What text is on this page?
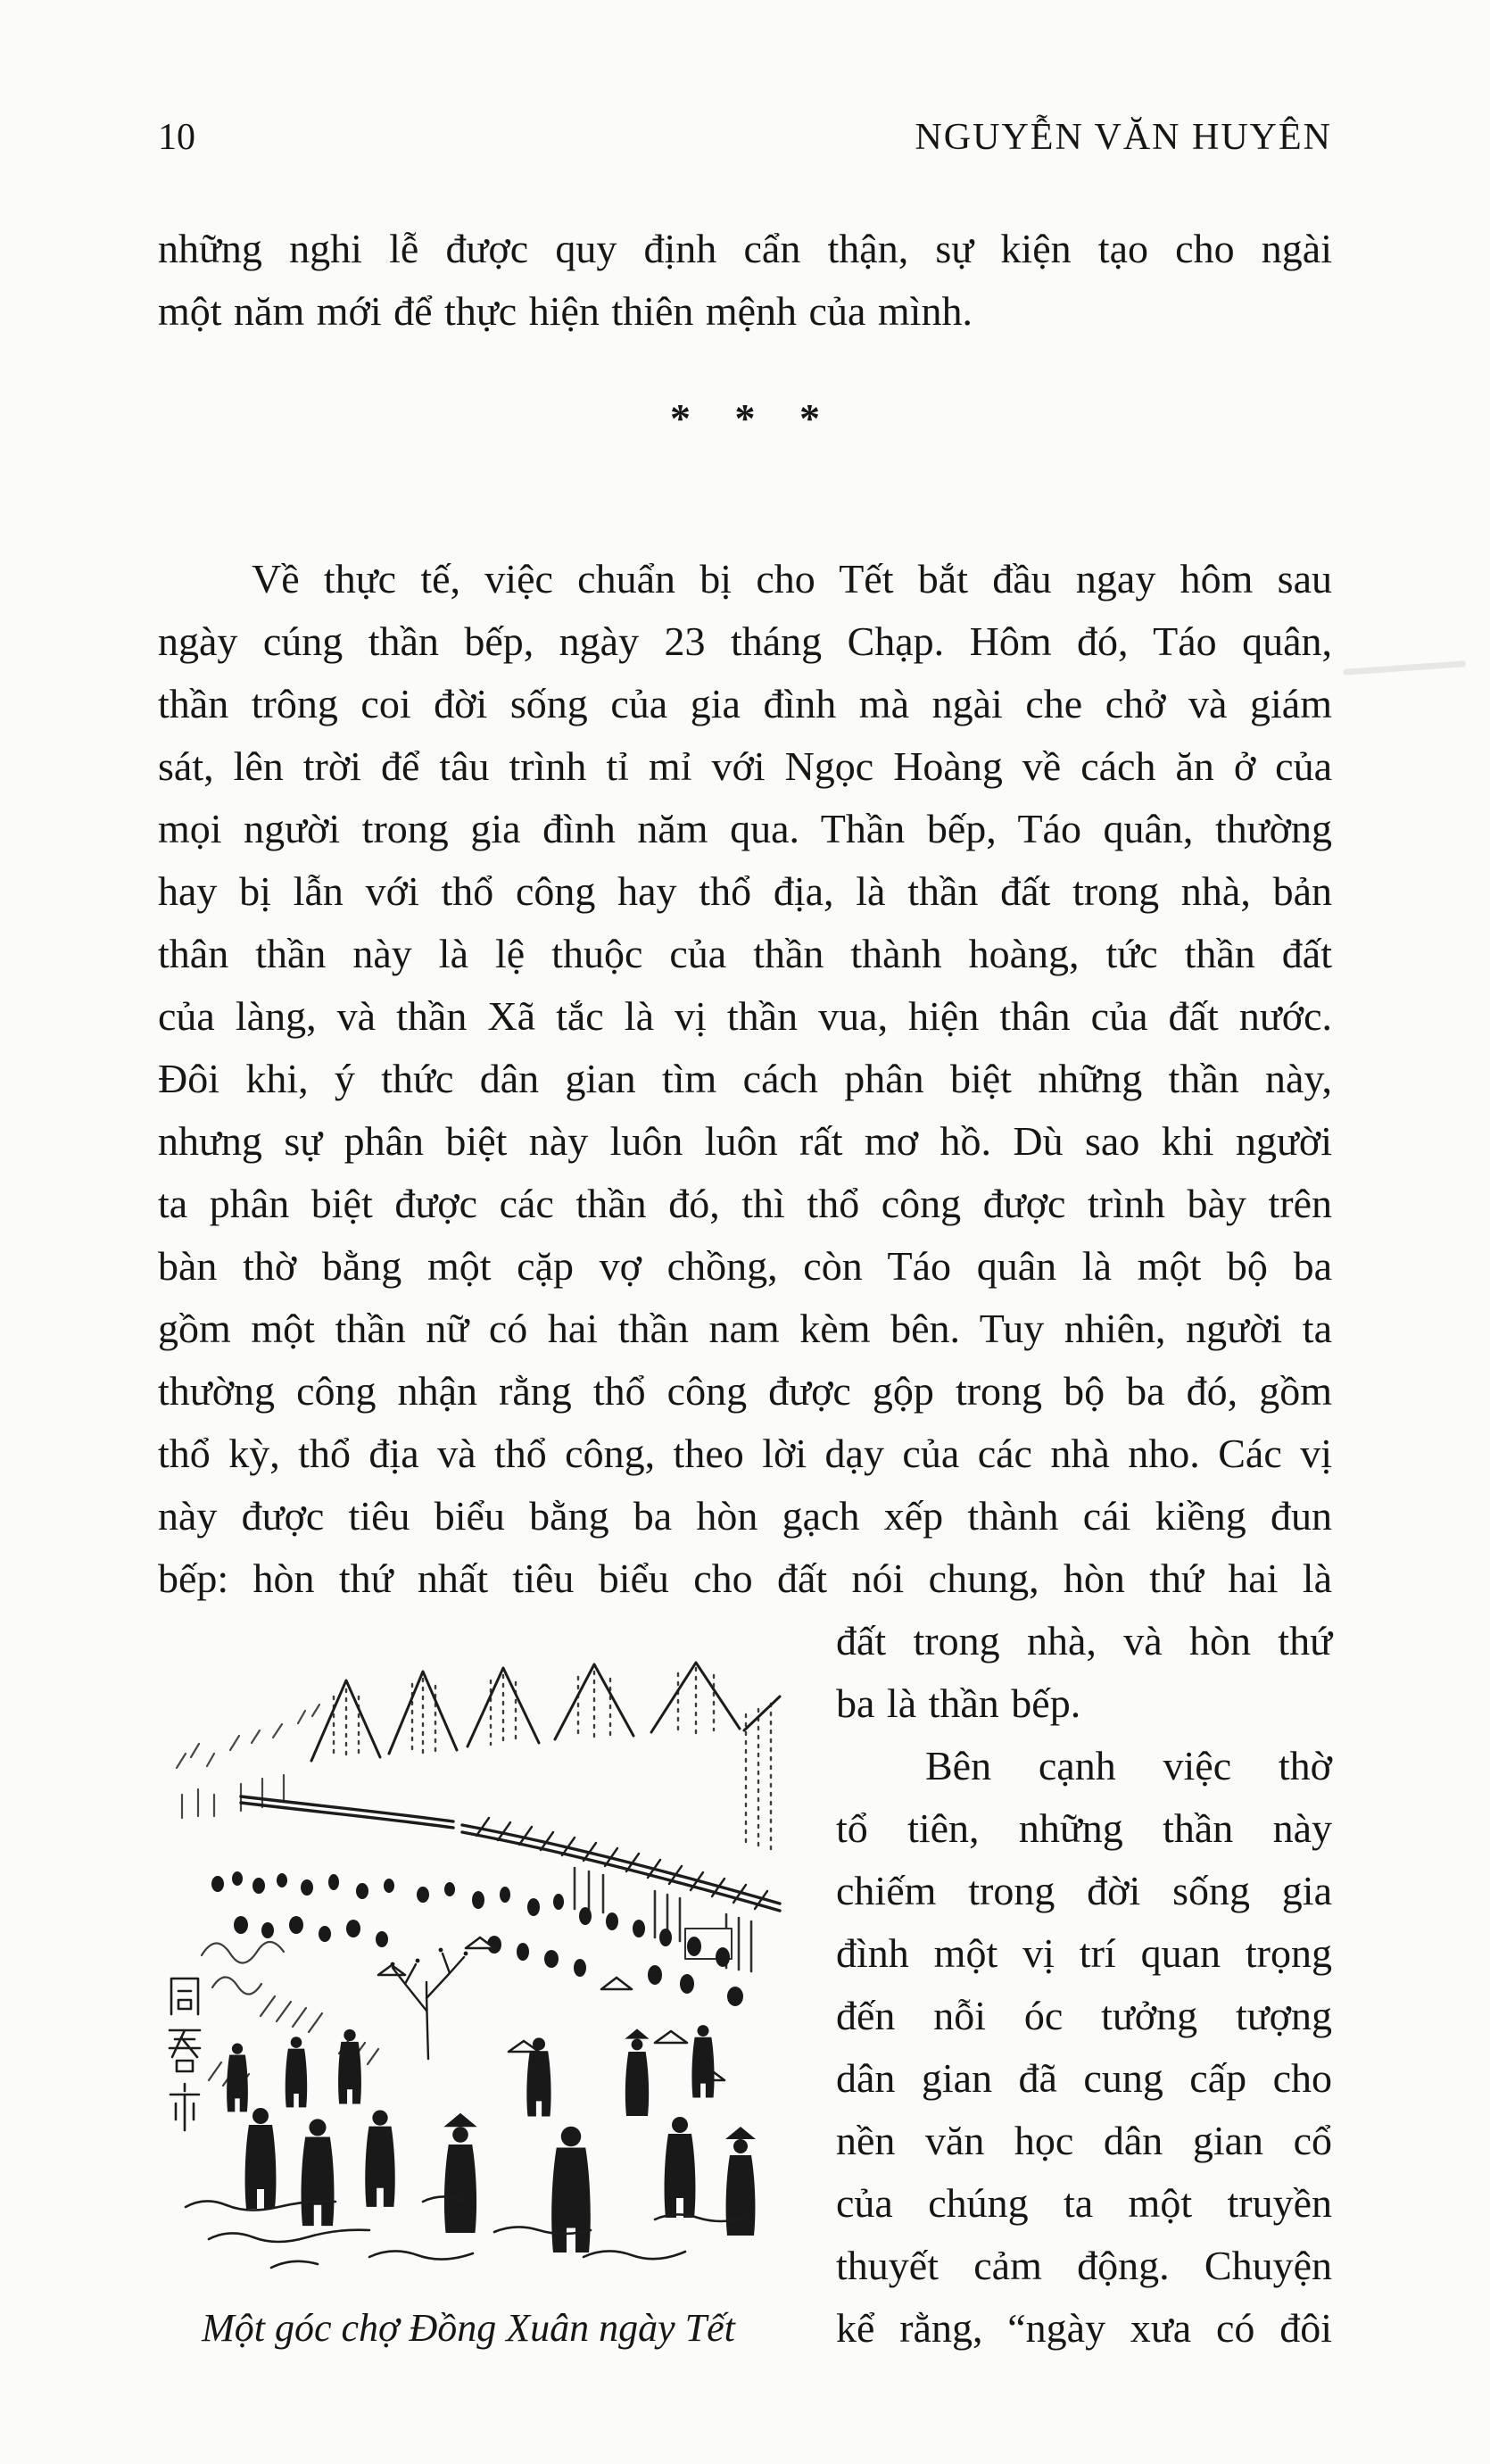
10	NGUYỄN VĂN HUYÊN
những nghi lễ được quy định cẩn thận, sự kiện tạo cho ngài
một năm mới để thực hiện thiên mệnh của mình.
* * *
Về thực tế, việc chuẩn bị cho Tết bắt đầu ngay hôm sau
ngày cúng thần bếp, ngày 23 tháng Chạp. Hôm đó, Táo quân,
thần trông coi đời sống của gia đình mà ngài che chở và giám
sát, lên trời để tâu trình tỉ mỉ với Ngọc Hoàng về cách ăn ở của
mọi người trong gia đình năm qua. Thần bếp, Táo quân, thường
hay bị lẫn với thổ công hay thổ địa, là thần đất trong nhà, bản
thân thần này là lệ thuộc của thần thành hoàng, tức thần đất
của làng, và thần Xã tắc là vị thần vua, hiện thân của đất nước.
Đôi khi, ý thức dân gian tìm cách phân biệt những thần này,
nhưng sự phân biệt này luôn luôn rất mơ hồ. Dù sao khi người
ta phân biệt được các thần đó, thì thổ công được trình bày trên
bàn thờ bằng một cặp vợ chồng, còn Táo quân là một bộ ba
gồm một thần nữ có hai thần nam kèm bên. Tuy nhiên, người ta
thường công nhận rằng thổ công được gộp trong bộ ba đó, gồm
thổ kỳ, thổ địa và thổ công, theo lời dạy của các nhà nho. Các vị
này được tiêu biểu bằng ba hòn gạch xếp thành cái kiềng đun
bếp: hòn thứ nhất tiêu biểu cho đất nói chung, hòn thứ hai là
đất trong nhà, và hòn thứ
ba là thần bếp.
Bên cạnh việc thờ
tổ tiên, những thần này
chiếm trong đời sống gia
đình một vị trí quan trọng
đến nỗi óc tưởng tượng
dân gian đã cung cấp cho
nền văn học dân gian cổ
của chúng ta một truyền
thuyết cảm động. Chuyện
kể rằng, “ngày xưa có đôi
Một góc chợ Đồng Xuân ngày Tết
